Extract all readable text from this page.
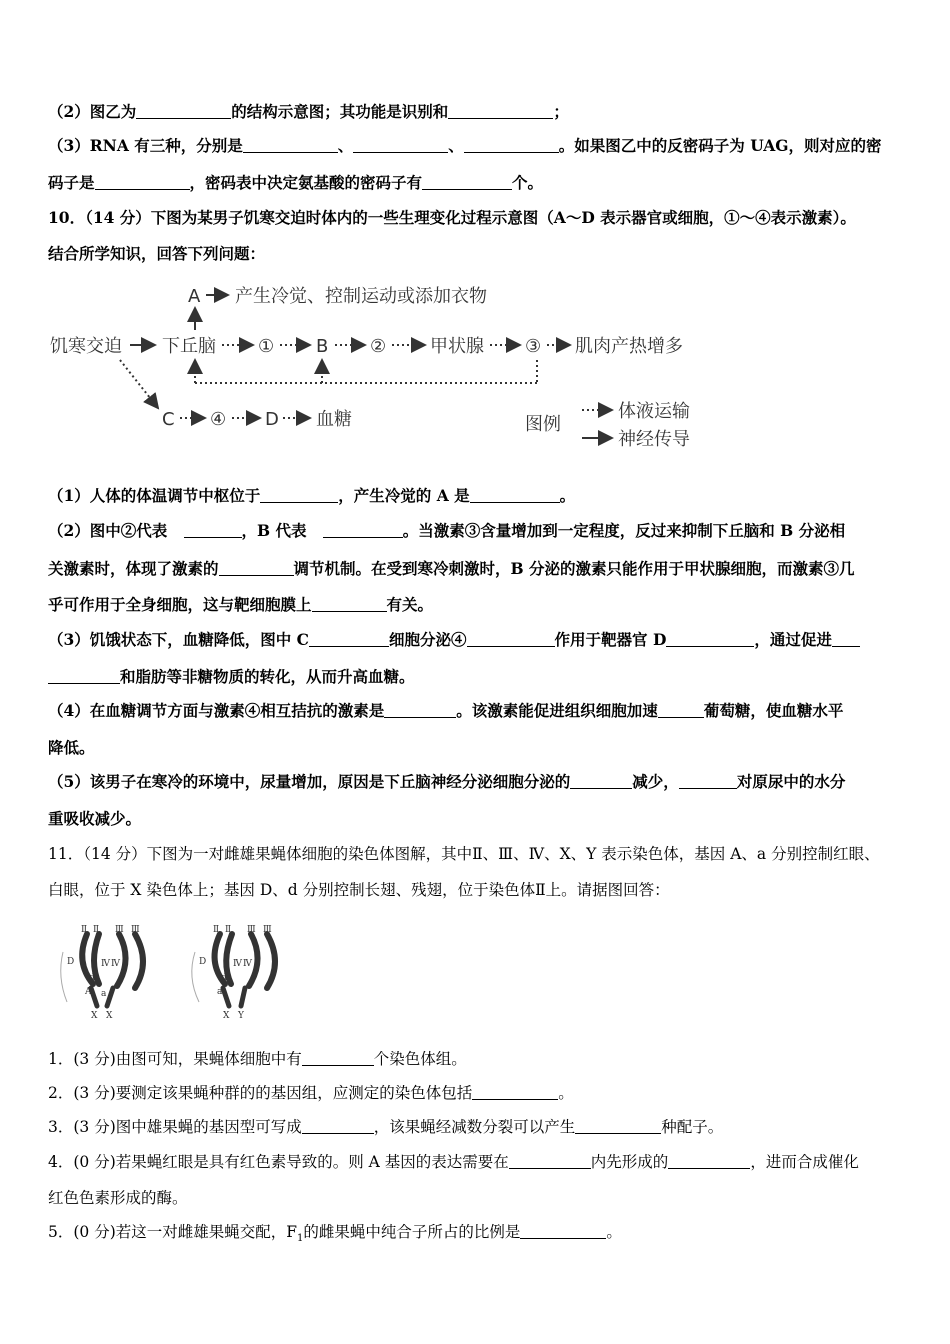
（2）图乙为	的结构示意图；其功能是识别和	；
（3）RNA 有三种，分别是	、	、	。如果图乙中的反密码子为 UAG，则对应的密
码子是	，密码表中决定氨基酸的密码子有	个。
10．（14 分）下图为某男子饥寒交迫时体内的一些生理变化过程示意图（A～D 表示器官或细胞，①～④表示激素）。
结合所学知识，回答下列问题：
A 产生冷觉、控制运动或添加衣物
饥寒交迫 下丘脑 ① B ② 甲状腺 ③ 肌肉产热增多
C ④ D 血糖	图例
体液运输
神经传导
（1）人体的体温调节中枢位于	，产生冷觉的 A 是	。
（2）图中②代表	，B 代表	。当激素③含量增加到一定程度，反过来抑制下丘脑和 B 分泌相
关激素时，体现了激素的	调节机制。在受到寒冷刺激时，B 分泌的激素只能作用于甲状腺细胞，而激素③几
乎可作用于全身细胞，这与靶细胞膜上	有关。
（3）饥饿状态下，血糖降低，图中 C	细胞分泌④	作用于靶器官 D	，通过促进
和脂肪等非糖物质的转化，从而升高血糖。
（4）在血糖调节方面与激素④相互拮抗的激素是	。该激素能促进组织细胞加速	葡萄糖，使血糖水平
降低。
（5）该男子在寒冷的环境中，尿量增加，原因是下丘脑神经分泌细胞分泌的	减少，	对原尿中的水分
重吸收减少。
11．（14 分）下图为一对雌雄果蝇体细胞的染色体图解，其中Ⅱ、Ⅲ、Ⅳ、X、Y 表示染色体，基因 A、a 分别控制红眼、
白眼，位于 X 染色体上；基因 D、d 分别控制长翅、残翅，位于染色体Ⅱ上。请据图回答：
Ⅱ Ⅱ Ⅲ Ⅲ
Ⅳ Ⅳ
D
d
A a
X   X
Ⅱ Ⅱ Ⅲ Ⅲ
Ⅳ Ⅳ
D
d
a
X   Y
1．(3 分)由图可知，果蝇体细胞中有	个染色体组。
2．(3 分)要测定该果蝇种群的的基因组，应测定的染色体包括	。
3．(3 分)图中雄果蝇的基因型可写成	，该果蝇经减数分裂可以产生	种配子。
4．(0 分)若果蝇红眼是具有红色素导致的。则 A 基因的表达需要在	内先形成的	，进而合成催化
红色色素形成的酶。
5．(0 分)若这一对雌雄果蝇交配，$F_1$的雌果蝇中纯合子所占的比例是	。
